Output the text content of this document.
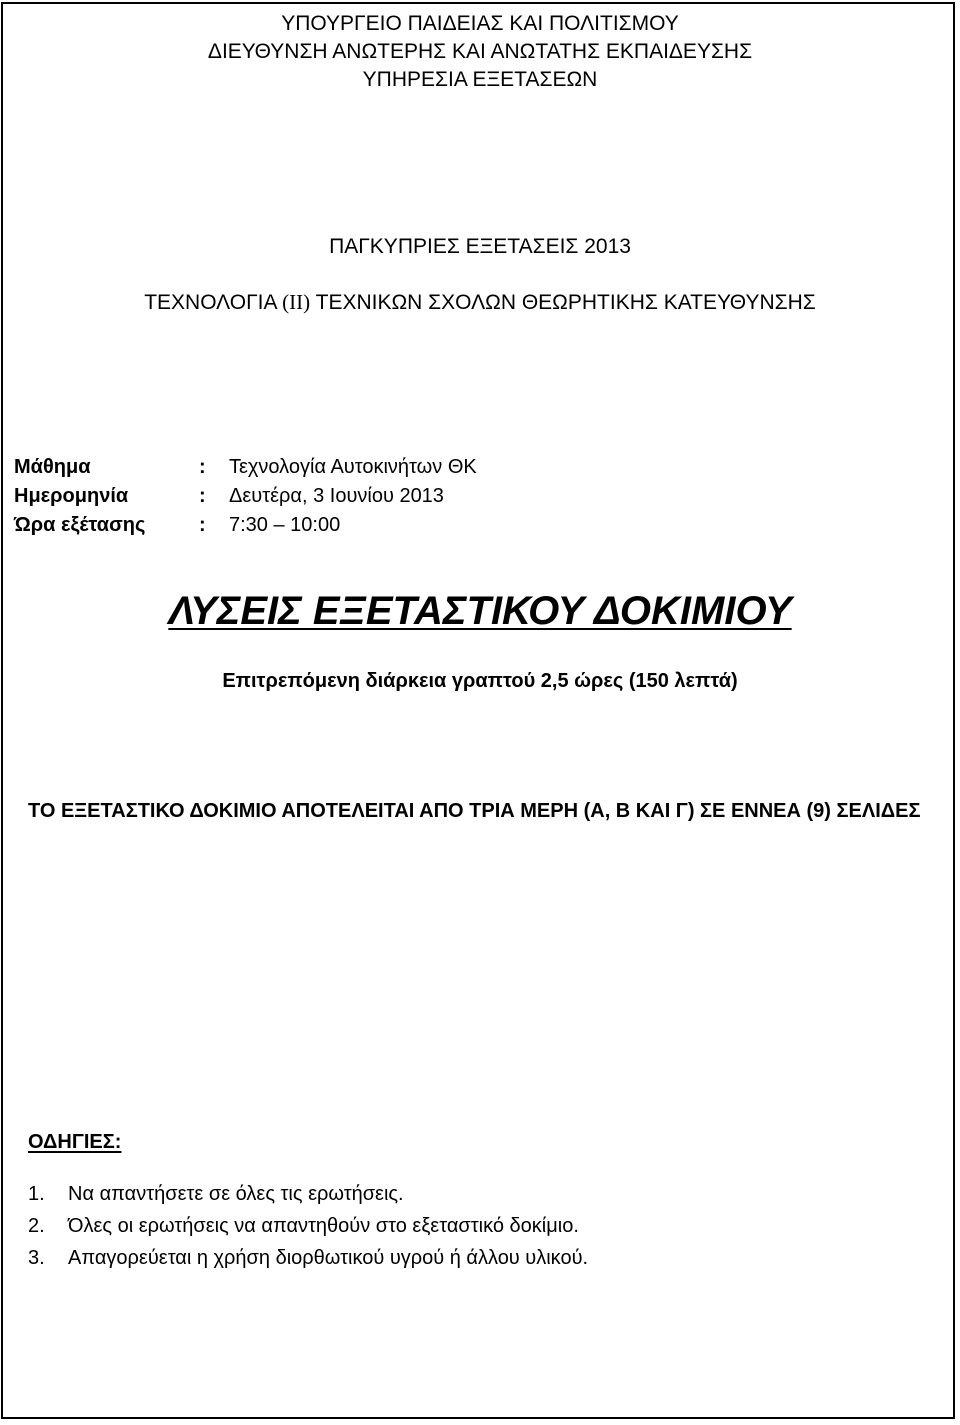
ΥΠΟΥΡΓΕΙΟ ΠΑΙΔΕΙΑΣ ΚΑΙ ΠΟΛΙΤΙΣΜΟΥ
ΔΙΕΥΘΥΝΣΗ ΑΝΩΤΕΡΗΣ ΚΑΙ ΑΝΩΤΑΤΗΣ ΕΚΠΑΙΔΕΥΣΗΣ
ΥΠΗΡΕΣΙΑ ΕΞΕΤΑΣΕΩΝ
ΠΑΓΚΥΠΡΙΕΣ ΕΞΕΤΑΣΕΙΣ 2013
ΤΕΧΝΟΛΟΓΙΑ (II) ΤΕΧΝΙΚΩΝ ΣΧΟΛΩΝ ΘΕΩΡΗΤΙΚΗΣ ΚΑΤΕΥΘΥΝΣΗΣ
Μάθημα	:	Τεχνολογία Αυτοκινήτων ΘΚ
Ημερομηνία	:	Δευτέρα, 3 Ιουνίου 2013
Ώρα εξέτασης	:	7:30 – 10:00
ΛΥΣΕΙΣ ΕΞΕΤΑΣΤΙΚΟΥ ΔΟΚΙΜΙΟΥ
Επιτρεπόμενη διάρκεια γραπτού 2,5 ώρες (150 λεπτά)
ΤΟ ΕΞΕΤΑΣΤΙΚΟ ΔΟΚΙΜΙΟ ΑΠΟΤΕΛΕΙΤΑΙ ΑΠΟ ΤΡΙΑ ΜΕΡΗ (Α, Β ΚΑΙ Γ) ΣΕ ΕΝΝΕΑ (9) ΣΕΛΙΔΕΣ
ΟΔΗΓΙΕΣ:
1.	Να απαντήσετε σε όλες τις ερωτήσεις.
2.	Όλες οι ερωτήσεις να απαντηθούν στο εξεταστικό δοκίμιο.
3.	Απαγορεύεται η χρήση διορθωτικού υγρού ή άλλου υλικού.
